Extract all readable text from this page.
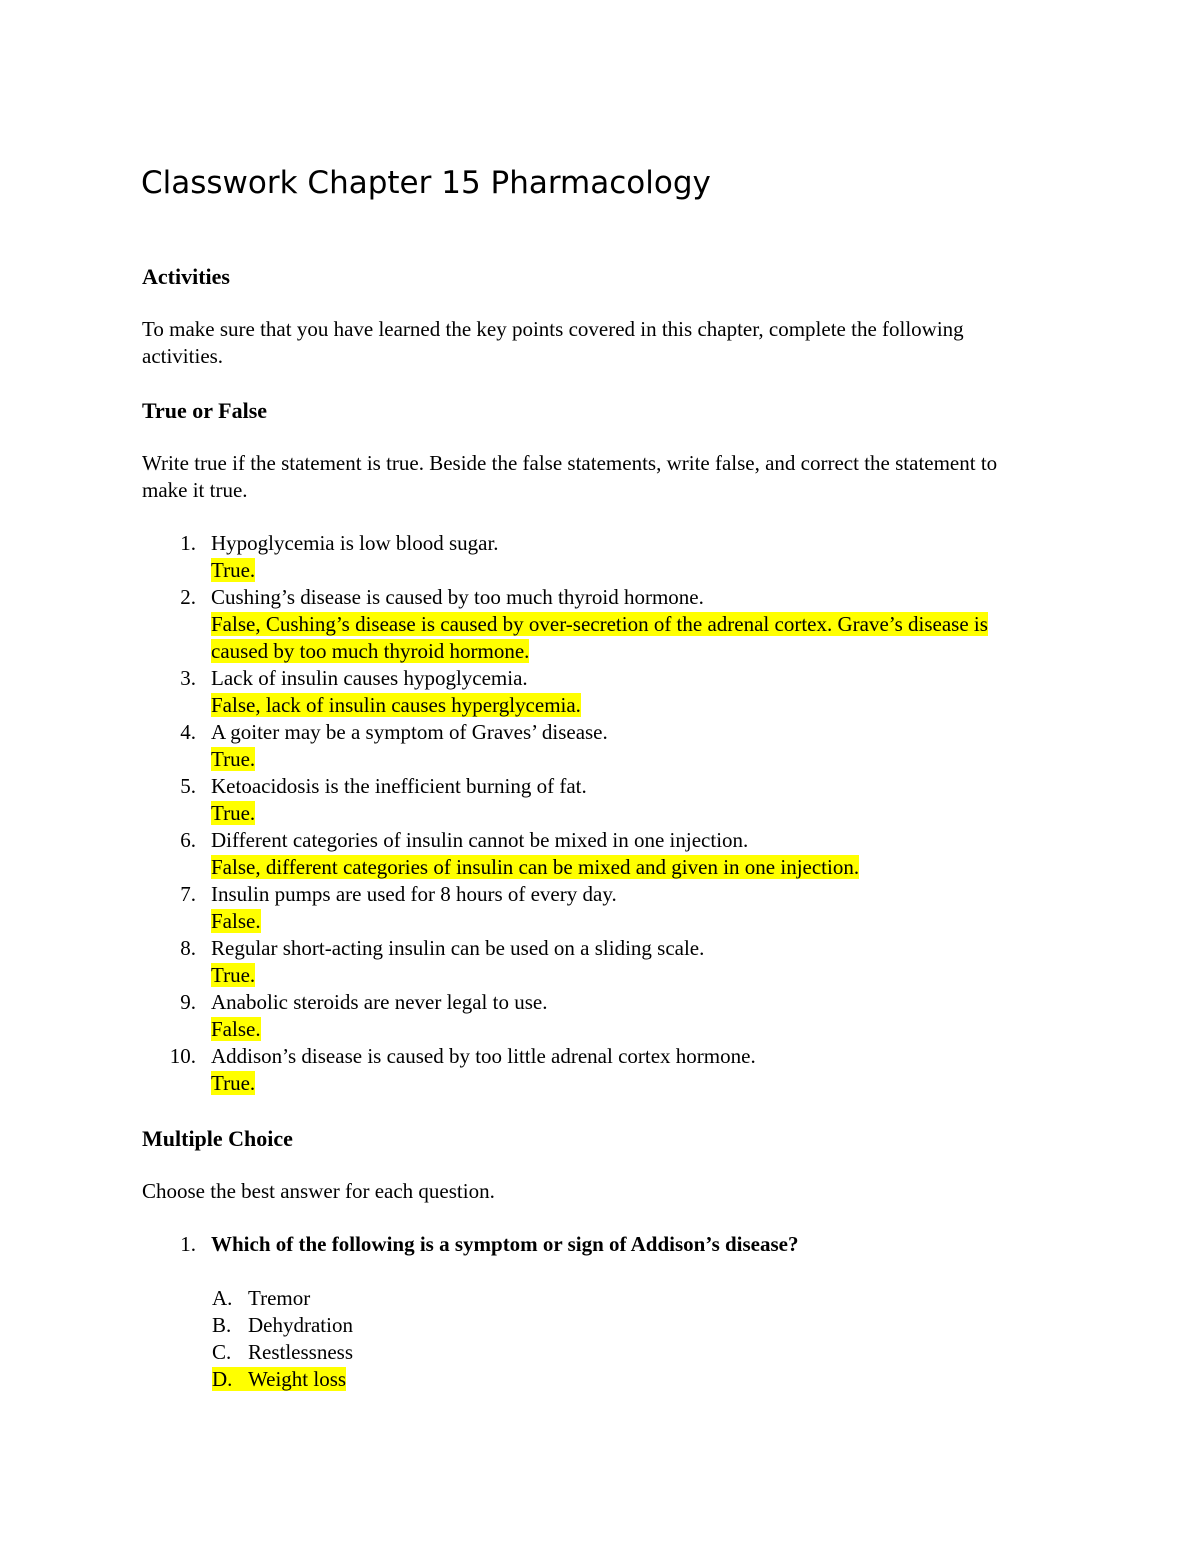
Classwork Chapter 15 Pharmacology

Activities

To make sure that you have learned the key points covered in this chapter, complete the following activities.

True or False

Write true if the statement is true. Beside the false statements, write false, and correct the statement to make it true.

1. Hypoglycemia is low blood sugar.
True.
2. Cushing’s disease is caused by too much thyroid hormone.
False, Cushing’s disease is caused by over-secretion of the adrenal cortex. Grave’s disease is caused by too much thyroid hormone.
3. Lack of insulin causes hypoglycemia.
False, lack of insulin causes hyperglycemia.
4. A goiter may be a symptom of Graves’ disease.
True.
5. Ketoacidosis is the inefficient burning of fat.
True.
6. Different categories of insulin cannot be mixed in one injection.
False, different categories of insulin can be mixed and given in one injection.
7. Insulin pumps are used for 8 hours of every day.
False.
8. Regular short-acting insulin can be used on a sliding scale.
True.
9. Anabolic steroids are never legal to use.
False.
10. Addison’s disease is caused by too little adrenal cortex hormone.
True.

Multiple Choice

Choose the best answer for each question.

1. Which of the following is a symptom or sign of Addison’s disease?

A. Tremor
B. Dehydration
C. Restlessness
D. Weight loss
